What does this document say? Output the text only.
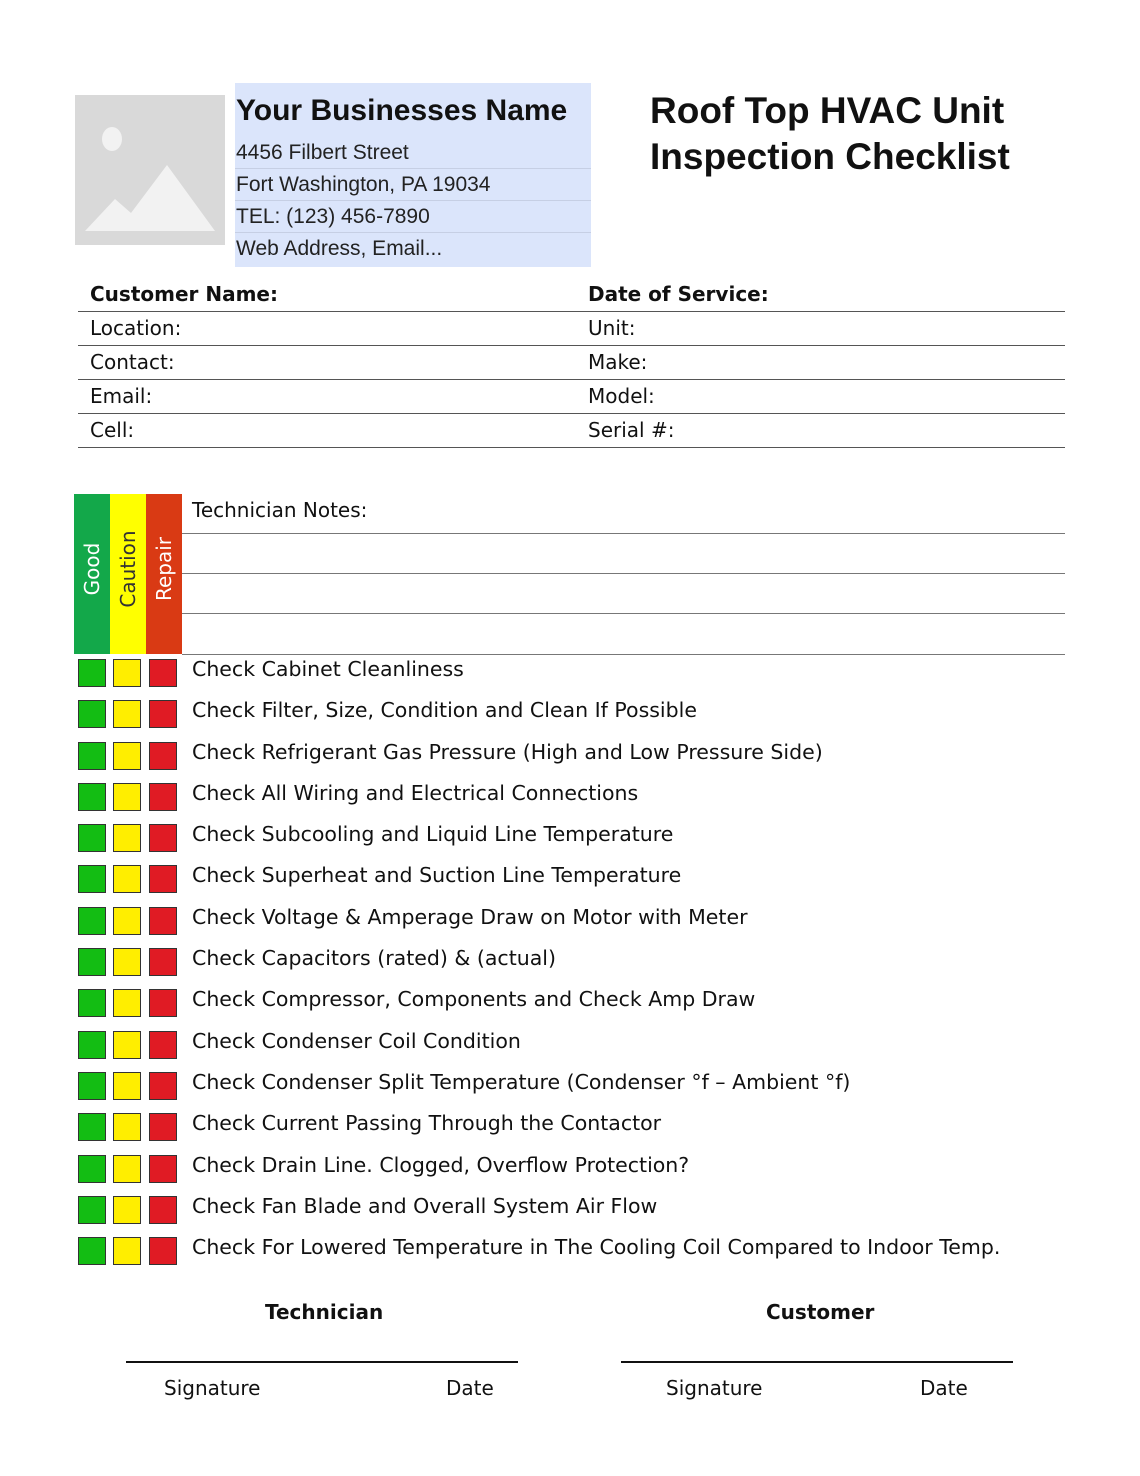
Your Businesses Name
4456 Filbert Street
Fort Washington, PA 19034
TEL: (123) 456-7890
Web Address, Email...
Roof Top HVAC Unit
Inspection Checklist
Customer Name:	Date of Service:
Location:	Unit:
Contact:	Make:
Email:	Model:
Cell:	Serial #:
Good Caution Repair
Technician Notes:
Check Cabinet Cleanliness
Check Filter, Size, Condition and Clean If Possible
Check Refrigerant Gas Pressure (High and Low Pressure Side)
Check All Wiring and Electrical Connections
Check Subcooling and Liquid Line Temperature
Check Superheat and Suction Line Temperature
Check Voltage & Amperage Draw on Motor with Meter
Check Capacitors (rated) & (actual)
Check Compressor, Components and Check Amp Draw
Check Condenser Coil Condition
Check Condenser Split Temperature (Condenser °f – Ambient °f)
Check Current Passing Through the Contactor
Check Drain Line. Clogged, Overflow Protection?
Check Fan Blade and Overall System Air Flow
Check For Lowered Temperature in The Cooling Coil Compared to Indoor Temp.
Technician	Customer
Signature	Date	Signature	Date
